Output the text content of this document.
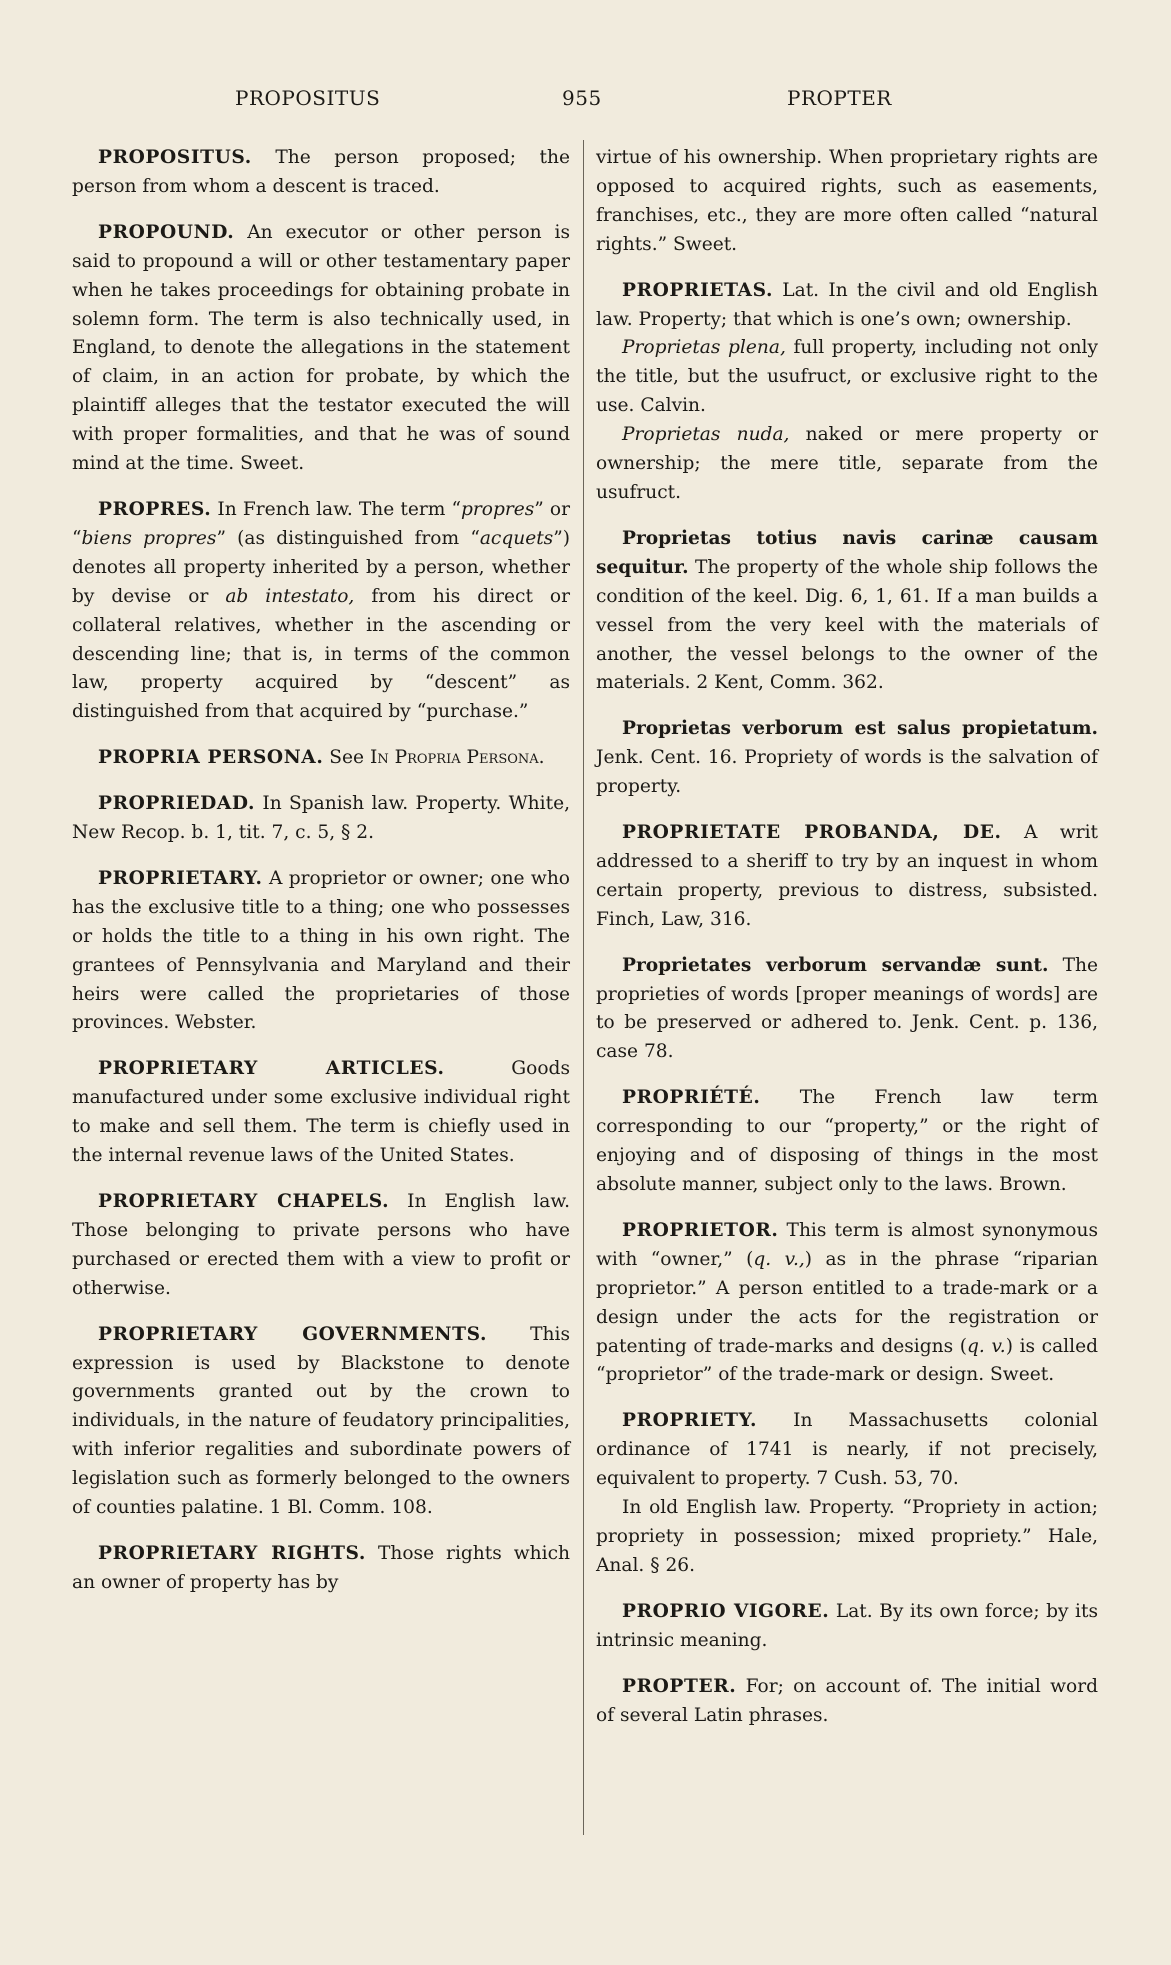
PROPOSITUS	955	PROPTER

PROPOSITUS. The person proposed; the person from whom a descent is traced.

PROPOUND. An executor or other person is said to propound a will or other testamentary paper when he takes proceedings for obtaining probate in solemn form. The term is also technically used, in England, to denote the allegations in the statement of claim, in an action for probate, by which the plaintiff alleges that the testator executed the will with proper formalities, and that he was of sound mind at the time. Sweet.

PROPRES. In French law. The term “propres” or “biens propres” (as distinguished from “acquets”) denotes all property inherited by a person, whether by devise or ab intestato, from his direct or collateral relatives, whether in the ascending or descending line; that is, in terms of the common law, property acquired by “descent” as distinguished from that acquired by “purchase.”

PROPRIA PERSONA. See In Propria Persona.

PROPRIEDAD. In Spanish law. Property. White, New Recop. b. 1, tit. 7, c. 5, § 2.

PROPRIETARY. A proprietor or owner; one who has the exclusive title to a thing; one who possesses or holds the title to a thing in his own right. The grantees of Pennsylvania and Maryland and their heirs were called the proprietaries of those provinces. Webster.

PROPRIETARY ARTICLES. Goods manufactured under some exclusive individual right to make and sell them. The term is chiefly used in the internal revenue laws of the United States.

PROPRIETARY CHAPELS. In English law. Those belonging to private persons who have purchased or erected them with a view to profit or otherwise.

PROPRIETARY GOVERNMENTS. This expression is used by Blackstone to denote governments granted out by the crown to individuals, in the nature of feudatory principalities, with inferior regalities and subordinate powers of legislation such as formerly belonged to the owners of counties palatine. 1 Bl. Comm. 108.

PROPRIETARY RIGHTS. Those rights which an owner of property has by

virtue of his ownership. When proprietary rights are opposed to acquired rights, such as easements, franchises, etc., they are more often called “natural rights.” Sweet.

PROPRIETAS. Lat. In the civil and old English law. Property; that which is one’s own; ownership.

Proprietas plena, full property, including not only the title, but the usufruct, or exclusive right to the use. Calvin.

Proprietas nuda, naked or mere property or ownership; the mere title, separate from the usufruct.

Proprietas totius navis carinæ causam sequitur. The property of the whole ship follows the condition of the keel. Dig. 6, 1, 61. If a man builds a vessel from the very keel with the materials of another, the vessel belongs to the owner of the materials. 2 Kent, Comm. 362.

Proprietas verborum est salus propietatum. Jenk. Cent. 16. Propriety of words is the salvation of property.

PROPRIETATE PROBANDA, DE. A writ addressed to a sheriff to try by an inquest in whom certain property, previous to distress, subsisted. Finch, Law, 316.

Proprietates verborum servandæ sunt. The proprieties of words [proper meanings of words] are to be preserved or adhered to. Jenk. Cent. p. 136, case 78.

PROPRIÉTÉ. The French law term corresponding to our “property,” or the right of enjoying and of disposing of things in the most absolute manner, subject only to the laws. Brown.

PROPRIETOR. This term is almost synonymous with “owner,” (q. v.,) as in the phrase “riparian proprietor.” A person entitled to a trade-mark or a design under the acts for the registration or patenting of trade-marks and designs (q. v.) is called “proprietor” of the trade-mark or design. Sweet.

PROPRIETY. In Massachusetts colonial ordinance of 1741 is nearly, if not precisely, equivalent to property. 7 Cush. 53, 70.

In old English law. Property. “Propriety in action; propriety in possession; mixed propriety.” Hale, Anal. § 26.

PROPRIO VIGORE. Lat. By its own force; by its intrinsic meaning.

PROPTER. For; on account of. The initial word of several Latin phrases.
